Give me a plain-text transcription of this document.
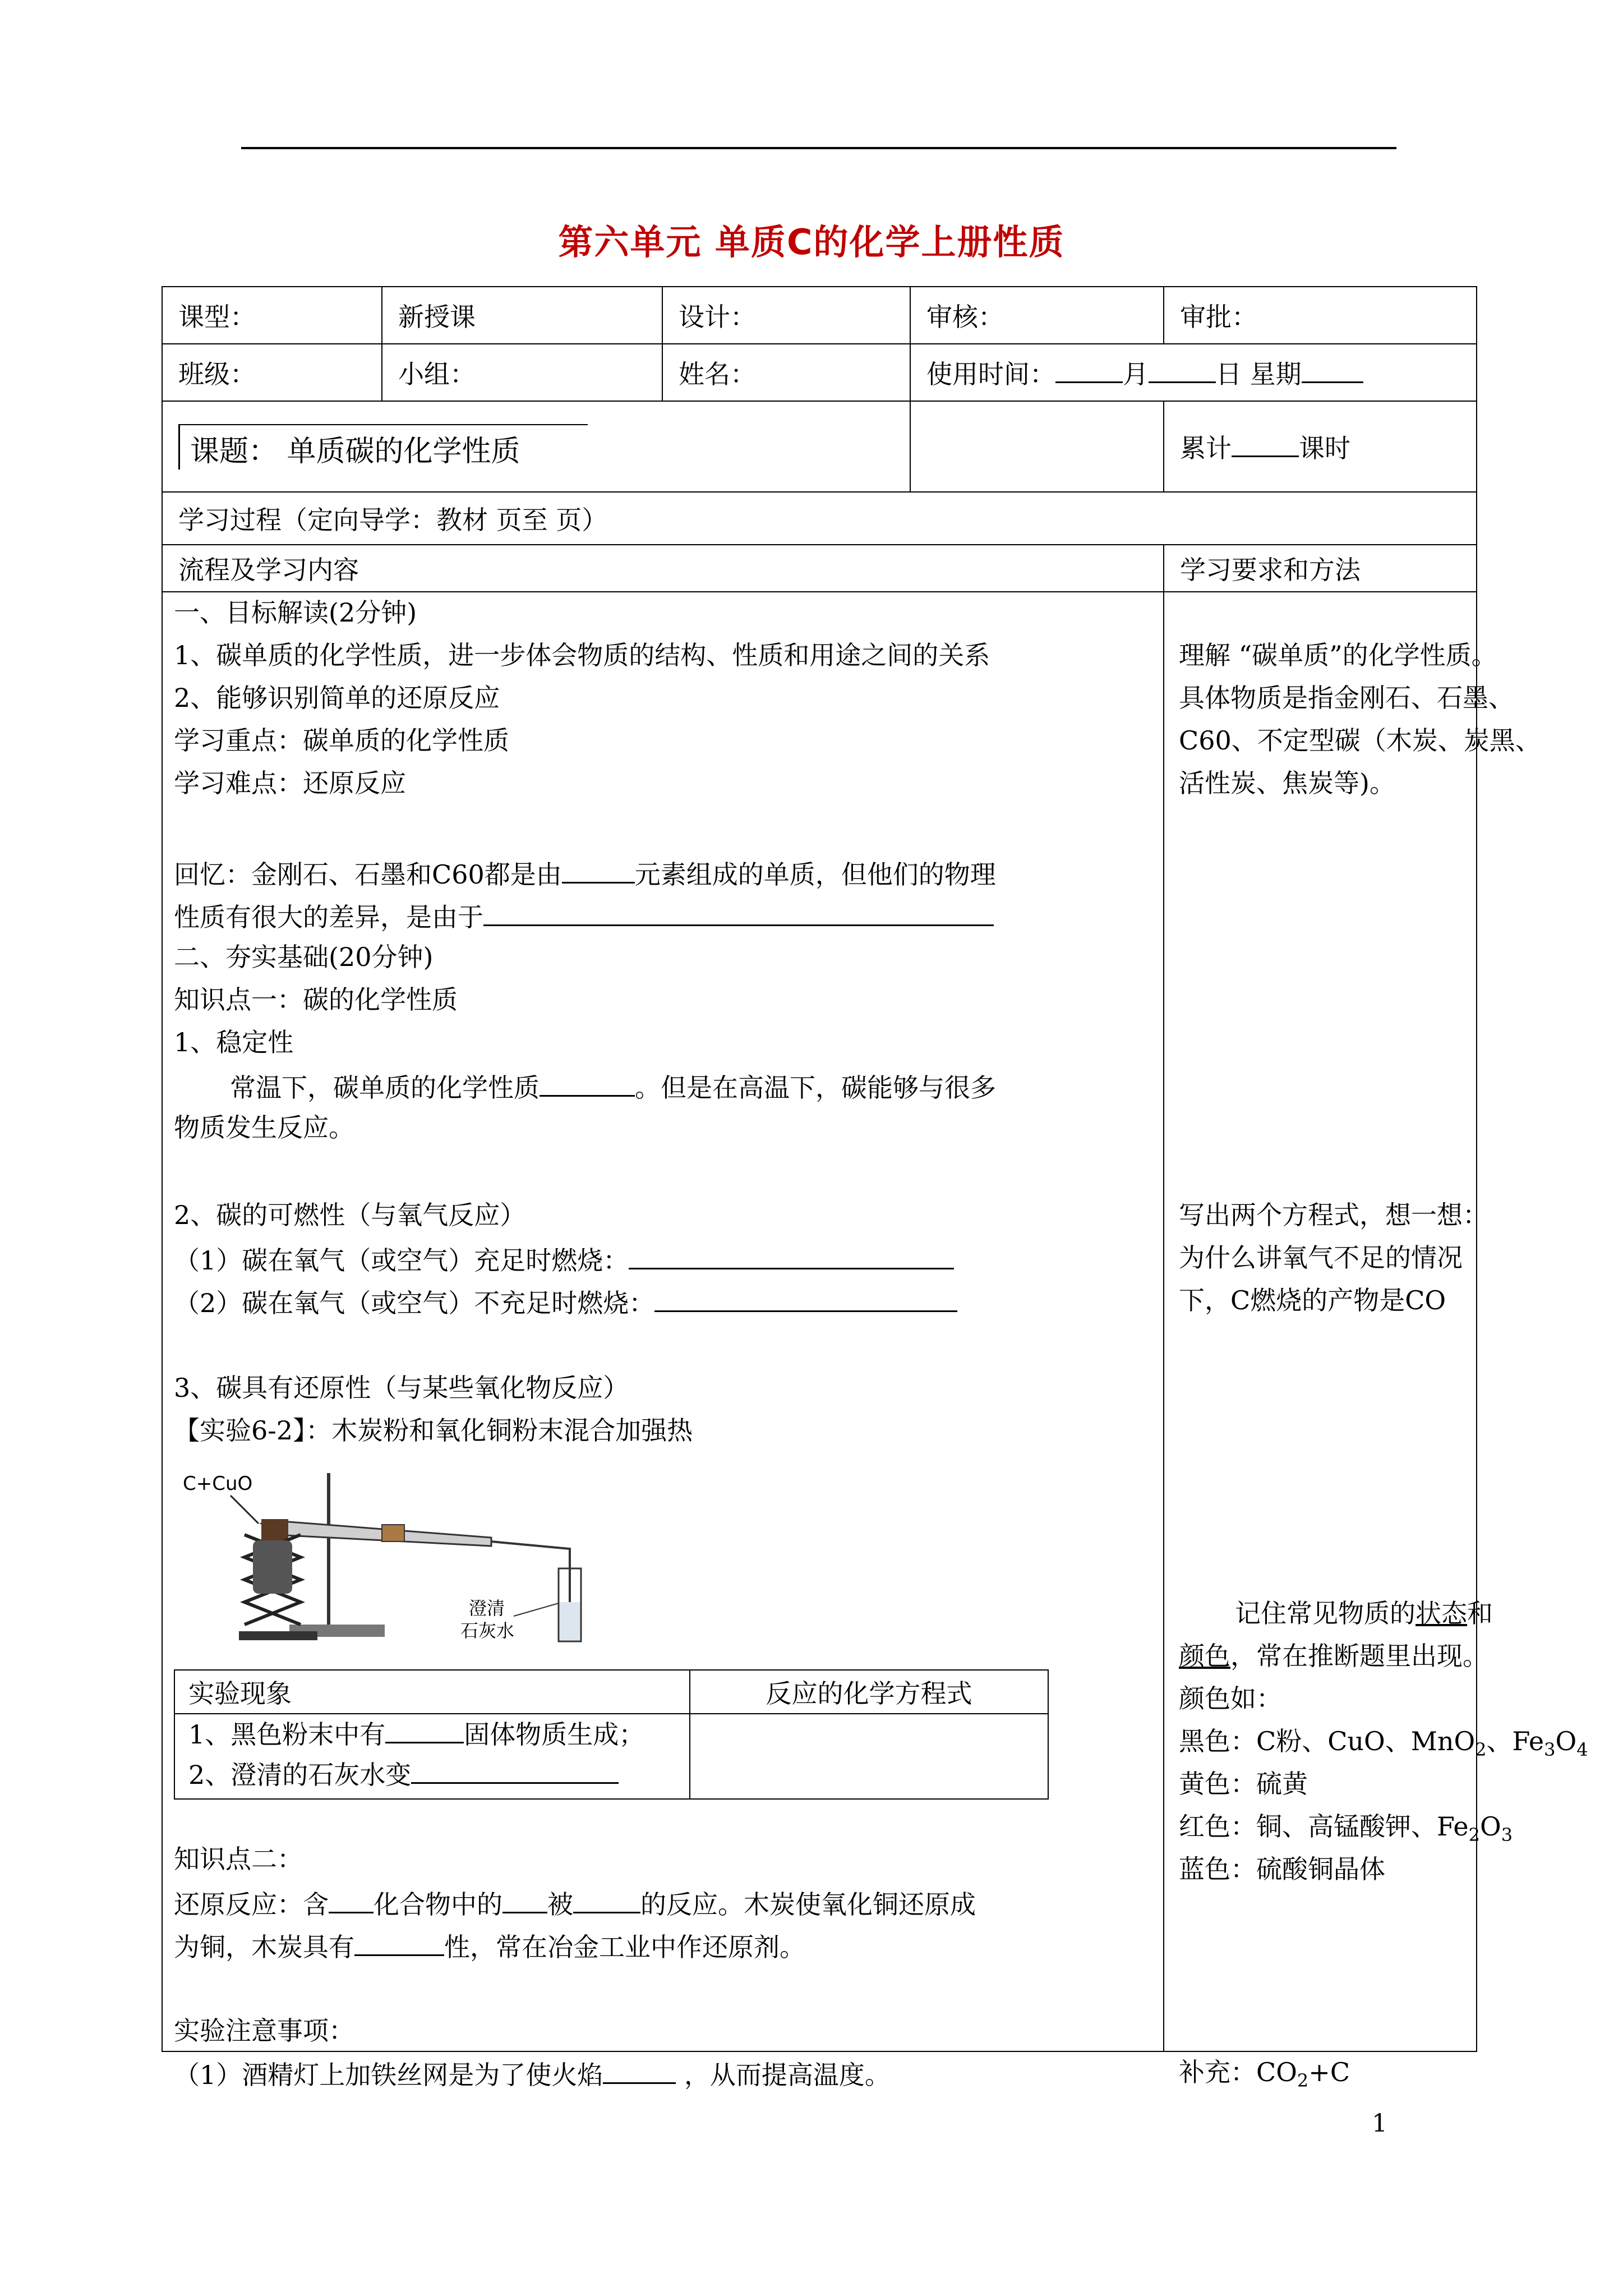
第六单元 单质C的化学上册性质
课型：	新授课	设计：	审核：	审批：
班级：	小组：	姓名：	使用时间：	月	日 星期
课题： 单质碳的化学性质		累计	课时
学习过程（定向导学：教材 页至 页）
流程及学习内容	学习要求和方法

一、目标解读(2分钟)
1、碳单质的化学性质，进一步体会物质的结构、性质和用途之间的关系
2、能够识别简单的还原反应
学习重点：碳单质的化学性质
学习难点：还原反应
回忆：金刚石、石墨和C60都是由	元素组成的单质，但他们的物理
性质有很大的差异，是由于
二、夯实基础(20分钟)
知识点一：碳的化学性质
1、稳定性
常温下，碳单质的化学性质	。但是在高温下，碳能够与很多
物质发生反应。
2、碳的可燃性（与氧气反应）
（1）碳在氧气（或空气）充足时燃烧：
（2）碳在氧气（或空气）不充足时燃烧：
3、碳具有还原性（与某些氧化物反应）
【实验6-2】：木炭粉和氧化铜粉末混合加强热
C+CuO
澄清
石灰水
实验现象	反应的化学方程式

1、黑色粉末中有	固体物质生成；
2、澄清的石灰水变

知识点二：
还原反应：含 化合物中的 被	的反应。木炭使氧化铜还原成
为铜，木炭具有	性，常在冶金工业中作还原剂。
实验注意事项：
（1）酒精灯上加铁丝网是为了使火焰	，从而提高温度。

理解 “碳单质”的化学性质。
具体物质是指金刚石、石墨、
C60、不定型碳（木炭、炭黑、
活性炭、焦炭等)。
写出两个方程式，想一想：
为什么讲氧气不足的情况
下，C燃烧的产物是CO
记住常见物质的状态和
颜色，常在推断题里出现。
颜色如：
黑色：C粉、CuO、MnO$_2$、$Fe_3O_4$
黄色：硫黄
红色：铜、高锰酸钾、$Fe_2O_3$
蓝色：硫酸铜晶体
补充：$CO_2+C$
1
